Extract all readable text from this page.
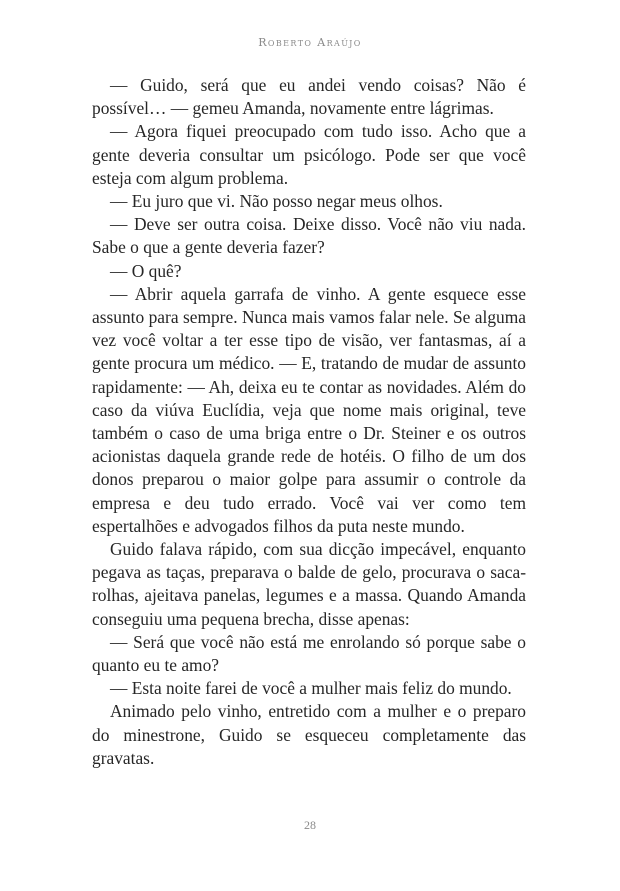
Roberto Araújo

— Guido, será que eu andei vendo coisas? Não é possível… — gemeu Amanda, novamente entre lágrimas.

— Agora fiquei preocupado com tudo isso. Acho que a gente deveria consultar um psicólogo. Pode ser que você esteja com algum problema.

— Eu juro que vi. Não posso negar meus olhos.

— Deve ser outra coisa. Deixe disso. Você não viu nada. Sabe o que a gente deveria fazer?

— O quê?

— Abrir aquela garrafa de vinho. A gente esquece esse assunto para sempre. Nunca mais vamos falar nele. Se alguma vez você voltar a ter esse tipo de visão, ver fantasmas, aí a gente procura um médico. — E, tratando de mudar de assunto rapidamente: — Ah, deixa eu te contar as novidades. Além do caso da viúva Euclídia, veja que nome mais original, teve também o caso de uma briga entre o Dr. Steiner e os outros acionistas daquela grande rede de hotéis. O filho de um dos donos preparou o maior golpe para assumir o controle da empresa e deu tudo errado. Você vai ver como tem espertalhões e advogados filhos da puta neste mundo.

Guido falava rápido, com sua dicção impecável, enquanto pegava as taças, preparava o balde de gelo, procurava o saca-rolhas, ajeitava panelas, legumes e a massa. Quando Amanda conseguiu uma pequena brecha, disse apenas:

— Será que você não está me enrolando só porque sabe o quanto eu te amo?

— Esta noite farei de você a mulher mais feliz do mundo.

Animado pelo vinho, entretido com a mulher e o preparo do minestrone, Guido se esqueceu completamente das gravatas.

28
